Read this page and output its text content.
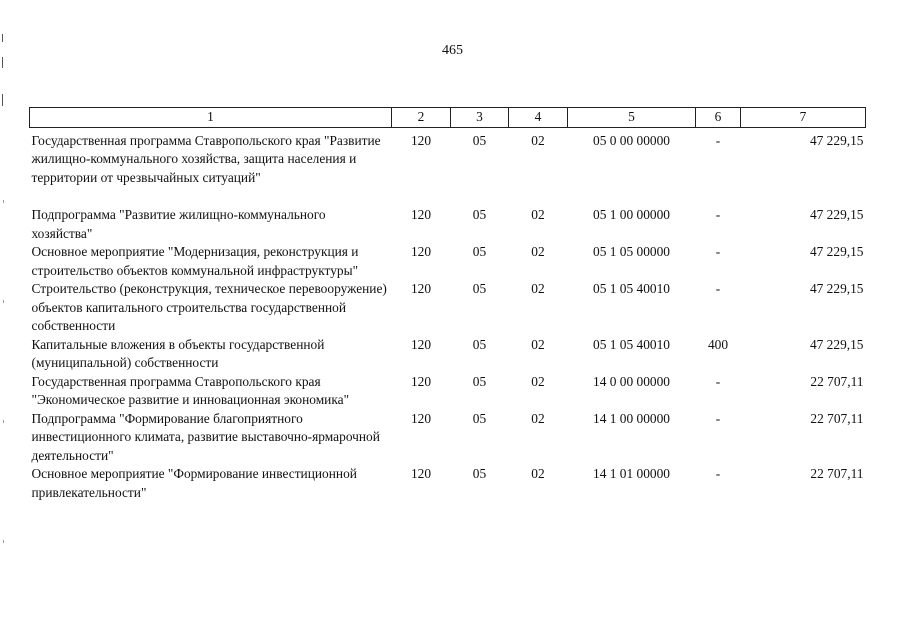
465
1	2	3	4	5	6	7
Государственная программа Ставропольского края "Развитие жилищно-коммунального хозяйства, защита населения и территории от чрезвычайных ситуаций"	120	05	02	05 0 00 00000	-	47 229,15

Подпрограмма "Развитие жилищно-коммунального хозяйства"	120	05	02	05 1 00 00000	-	47 229,15
Основное мероприятие "Модернизация, реконструкция и строительство объектов коммунальной инфраструктуры"	120	05	02	05 1 05 00000	-	47 229,15
Строительство (реконструкция, техническое перевооружение) объектов капитального строительства государственной собственности	120	05	02	05 1 05 40010	-	47 229,15
Капитальные вложения в объекты государственной (муниципальной) собственности	120	05	02	05 1 05 40010	400	47 229,15
Государственная программа Ставропольского края "Экономическое развитие и инновационная экономика"	120	05	02	14 0 00 00000	-	22 707,11
Подпрограмма "Формирование благоприятного инвестиционного климата, развитие выставочно-ярмарочной деятельности"	120	05	02	14 1 00 00000	-	22 707,11
Основное мероприятие "Формирование инвестиционной привлекательности"	120	05	02	14 1 01 00000	-	22 707,11
